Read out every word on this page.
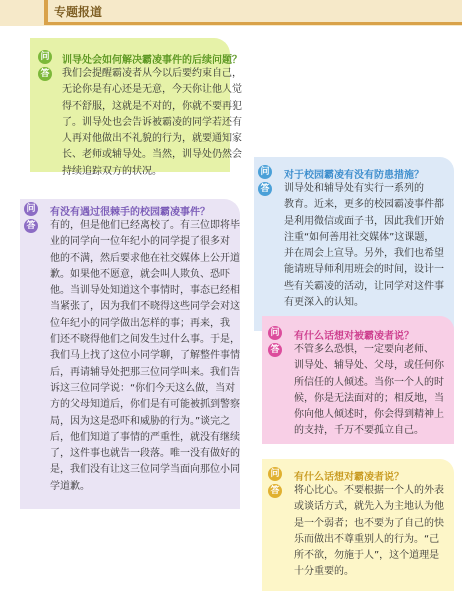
专题报道
问
答
训导处会如何解决霸凌事件的后续问题？
我们会提醒霸凌者从今以后要约束自己，
无论你是有心还是无意，今天你让他人觉
得不舒服，这就是不对的，你就不要再犯
了。训导处也会告诉被霸凌的同学若还有
人再对他做出不礼貌的行为，就要通知家
长、老师或辅导处。当然，训导处仍然会
持续追踪双方的状况。	问
答
对于校园霸凌有没有防患措施？
训导处和辅导处有实行一系列的
教育。近来，更多的校园霸凌事件都
是利用微信或面子书，因此我们开始
注重“如何善用社交媒体”这课题，
并在周会上宣导。另外，我们也希望
能请班导师利用班会的时间，设计一
些有关霸凌的活动，让同学对这件事
有更深入的认知。
问
答
有没有遇过很棘手的校园霸凌事件？
有的，但是他们已经离校了。有三位即将毕
业的同学向一位年纪小的同学提了很多对
他的不满，然后要求他在社交媒体上公开道
歉。如果他不愿意，就会叫人欺负、恐吓
他。当训导处知道这个事情时，事态已经相
当紧张了，因为我们不晓得这些同学会对这
位年纪小的同学做出怎样的事；再来，我
们还不晓得他们之间发生过什么事。于是，
我们马上找了这位小同学聊，了解整件事情
后，再请辅导处把那三位同学叫来。我们告
诉这三位同学说：“你们今天这么做，当对
方的父母知道后，你们是有可能被抓到警察
局，因为这是恐吓和威胁的行为。”谈完之
后，他们知道了事情的严重性，就没有继续
了，这件事也就告一段落。唯一没有做好的
是，我们没有让这三位同学当面向那位小同
学道歉。
问
答
有什么话想对被霸凌者说？
不管多么恐惧，一定要向老师、
训导处、辅导处、父母，或任何你
所信任的人倾述。当你一个人的时
候，你是无法面对的；相反地，当
你向他人倾述时，你会得到精神上
的支持，千万不要孤立自己。
问
答
有什么话想对霸凌者说？
将心比心。不要根据一个人的外表
或谈话方式，就先入为主地认为他
是一个弱者；也不要为了自己的快
乐而做出不尊重别人的行为。“己
所不欲，勿施于人”，这个道理是
十分重要的。
